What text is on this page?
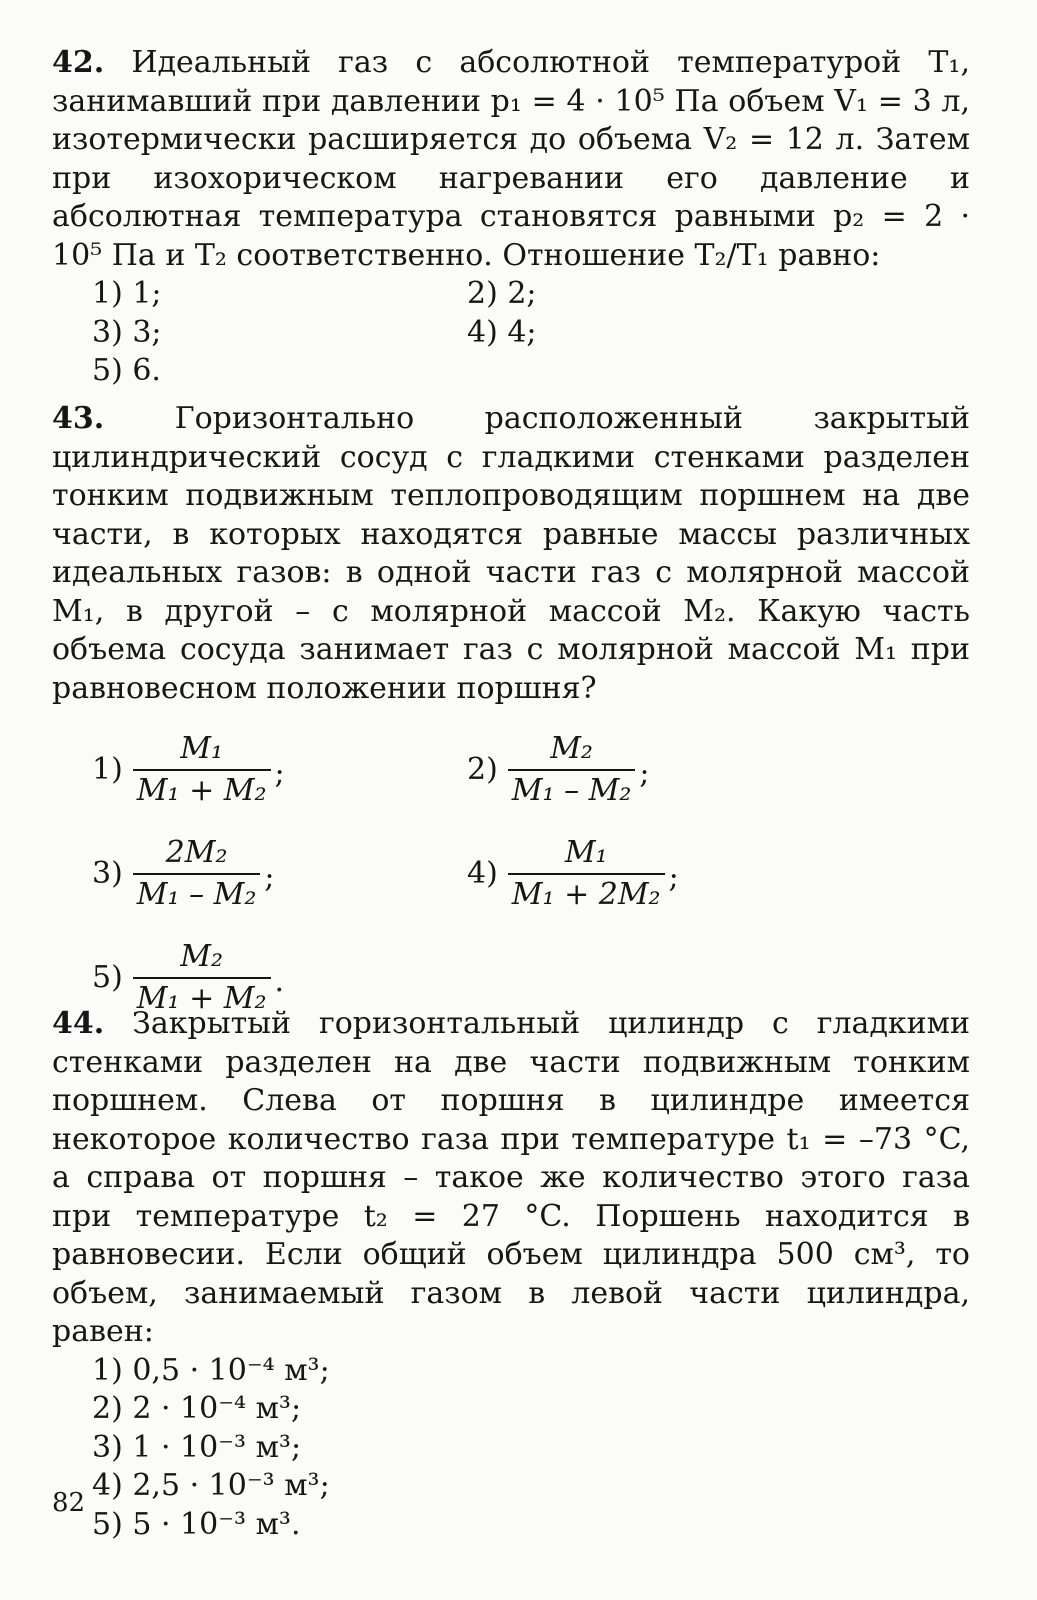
42. Идеальный газ с абсолютной температурой T₁, занимавший при давлении p₁ = 4 · 10⁵ Па объем V₁ = 3 л, изотермически расширяется до объема V₂ = 12 л. Затем при изохорическом нагревании его давление и абсолютная температура становятся равными p₂ = 2 · 10⁵ Па и T₂ соответственно. Отношение T₂/T₁ равно:
1) 1;	2) 2;
3) 3;	4) 4;
5) 6.
43. Горизонтально расположенный закрытый цилиндрический сосуд с гладкими стенками разделен тонким подвижным теплопроводящим поршнем на две части, в которых находятся равные массы различных идеальных газов: в одной части газ с молярной массой M₁, в другой – с молярной массой M₂. Какую часть объема сосуда занимает газ с молярной массой M₁ при равновесном положении поршня?
$1) \frac{\text{M₁}}{\text{M₁ + M₂}}$ ;	$2) \frac{\text{M₂}}{\text{M₁ – M₂}}$ ;
$3) \frac{\text{2M₂}}{\text{M₁ – M₂}}$ ;	$4) \frac{\text{M₁}}{\text{M₁ + 2M₂}}$ ;
$5) \frac{\text{M₂}}{\text{M₁ + M₂}}$ .
44. Закрытый горизонтальный цилиндр с гладкими стенками разделен на две части подвижным тонким поршнем. Слева от поршня в цилиндре имеется некоторое количество газа при температуре t₁ = –73 °C, а справа от поршня – такое же количество этого газа при температуре t₂ = 27 °C. Поршень находится в равновесии. Если общий объем цилиндра 500 см³, то объем, занимаемый газом в левой части цилиндра, равен:
1) 0,5 · 10⁻⁴ м³;
2) 2 · 10⁻⁴ м³;
3) 1 · 10⁻³ м³;
4) 2,5 · 10⁻³ м³;
5) 5 · 10⁻³ м³.
82
